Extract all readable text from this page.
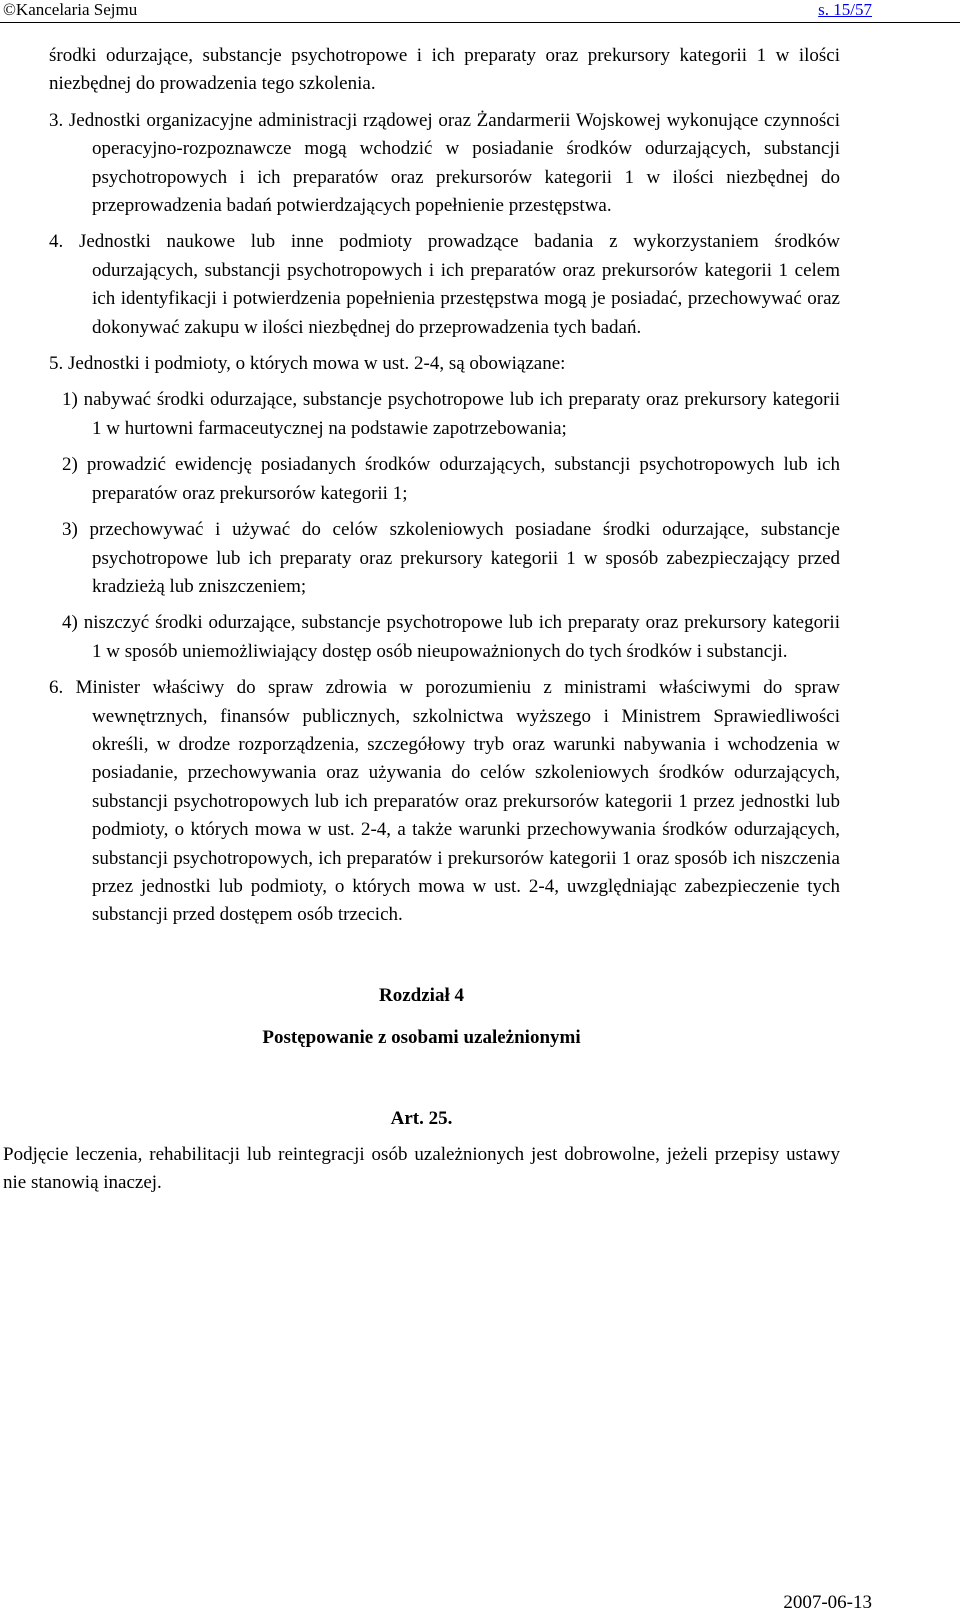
©Kancelaria Sejmu	s. 15/57

środki odurzające, substancje psychotropowe i ich preparaty oraz prekursory kategorii 1 w ilości niezbędnej do prowadzenia tego szkolenia.

3. Jednostki organizacyjne administracji rządowej oraz Żandarmerii Wojskowej wykonujące czynności operacyjno-rozpoznawcze mogą wchodzić w posiadanie środków odurzających, substancji psychotropowych i ich preparatów oraz prekursorów kategorii 1 w ilości niezbędnej do przeprowadzenia badań potwierdzających popełnienie przestępstwa.

4. Jednostki naukowe lub inne podmioty prowadzące badania z wykorzystaniem środków odurzających, substancji psychotropowych i ich preparatów oraz prekursorów kategorii 1 celem ich identyfikacji i potwierdzenia popełnienia przestępstwa mogą je posiadać, przechowywać oraz dokonywać zakupu w ilości niezbędnej do przeprowadzenia tych badań.

5. Jednostki i podmioty, o których mowa w ust. 2-4, są obowiązane:

1) nabywać środki odurzające, substancje psychotropowe lub ich preparaty oraz prekursory kategorii 1 w hurtowni farmaceutycznej na podstawie zapotrzebowania;

2) prowadzić ewidencję posiadanych środków odurzających, substancji psychotropowych lub ich preparatów oraz prekursorów kategorii 1;

3) przechowywać i używać do celów szkoleniowych posiadane środki odurzające, substancje psychotropowe lub ich preparaty oraz prekursory kategorii 1 w sposób zabezpieczający przed kradzieżą lub zniszczeniem;

4) niszczyć środki odurzające, substancje psychotropowe lub ich preparaty oraz prekursory kategorii 1 w sposób uniemożliwiający dostęp osób nieupoważnionych do tych środków i substancji.

6. Minister właściwy do spraw zdrowia w porozumieniu z ministrami właściwymi do spraw wewnętrznych, finansów publicznych, szkolnictwa wyższego i Ministrem Sprawiedliwości określi, w drodze rozporządzenia, szczegółowy tryb oraz warunki nabywania i wchodzenia w posiadanie, przechowywania oraz używania do celów szkoleniowych środków odurzających, substancji psychotropowych lub ich preparatów oraz prekursorów kategorii 1 przez jednostki lub podmioty, o których mowa w ust. 2-4, a także warunki przechowywania środków odurzających, substancji psychotropowych, ich preparatów i prekursorów kategorii 1 oraz sposób ich niszczenia przez jednostki lub podmioty, o których mowa w ust. 2-4, uwzględniając zabezpieczenie tych substancji przed dostępem osób trzecich.

Rozdział 4

Postępowanie z osobami uzależnionymi

Art. 25.

Podjęcie leczenia, rehabilitacji lub reintegracji osób uzależnionych jest dobrowolne, jeżeli przepisy ustawy nie stanowią inaczej.

2007-06-13
